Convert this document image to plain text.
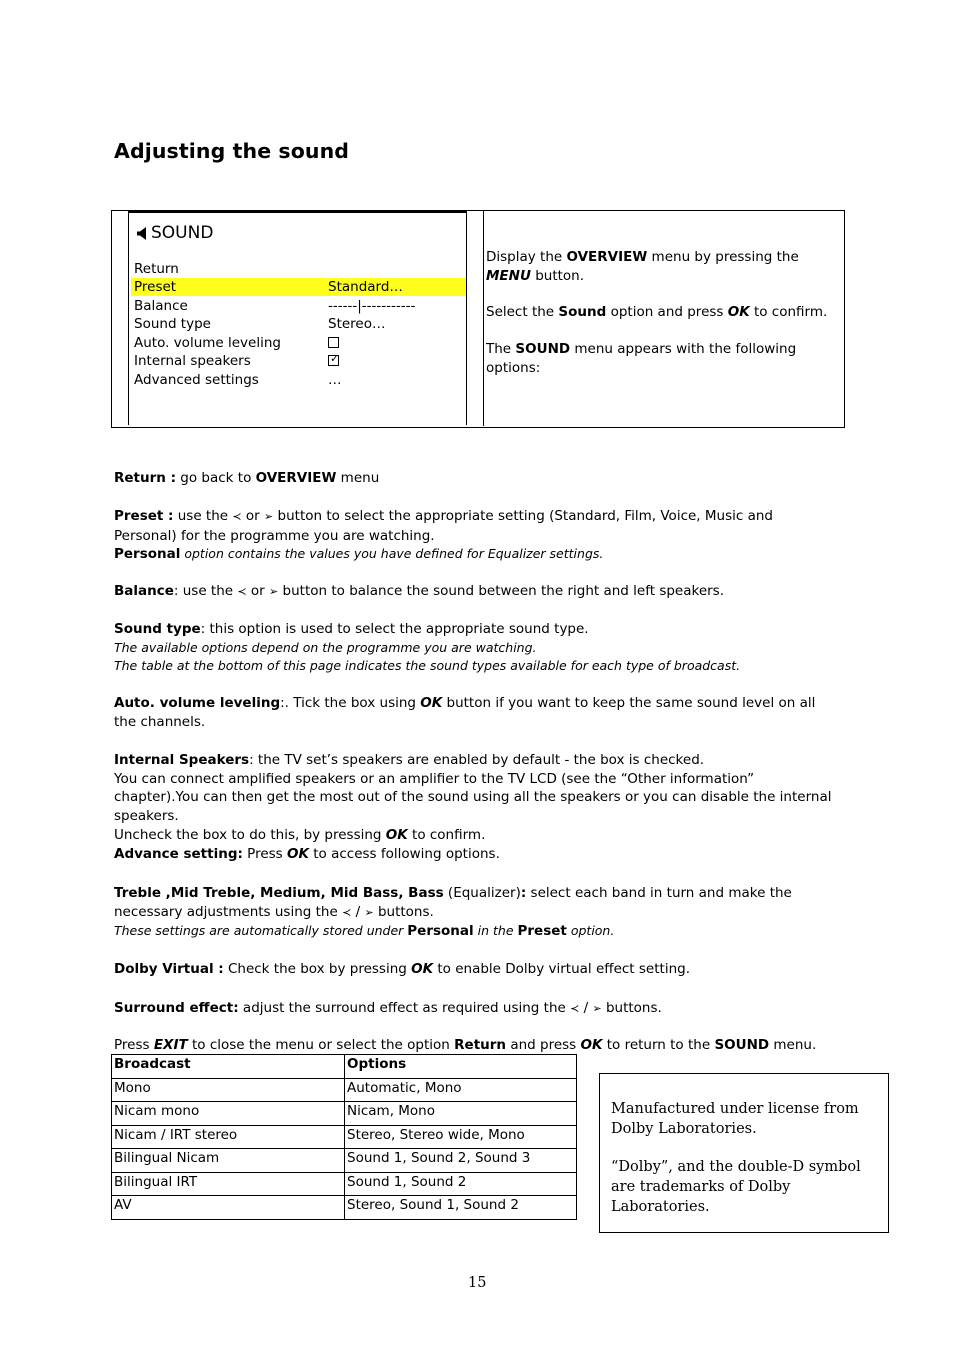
Adjusting the sound
SOUND
Return
Preset	Standard…
Balance	------|-----------
Sound type	Stereo…
Auto. volume leveling
Internal speakers	✓
Advanced settings	…
Display the OVERVIEW menu by pressing the MENU button.
Select the Sound option and press OK to confirm.
The SOUND menu appears with the following options:
Return : go back to OVERVIEW menu
Preset : use the ≺ or ➢ button to select the appropriate setting (Standard, Film, Voice, Music and Personal) for the programme you are watching.
Personal option contains the values you have defined for Equalizer settings.
Balance: use the ≺ or ➢ button to balance the sound between the right and left speakers.
Sound type: this option is used to select the appropriate sound type.
The available options depend on the programme you are watching.
The table at the bottom of this page indicates the sound types available for each type of broadcast.
Auto. volume leveling:. Tick the box using OK button if you want to keep the same sound level on all the channels.
Internal Speakers: the TV set’s speakers are enabled by default - the box is checked.
You can connect amplified speakers or an amplifier to the TV LCD (see the “Other information” chapter).You can then get the most out of the sound using all the speakers or you can disable the internal speakers.
Uncheck the box to do this, by pressing OK to confirm.
Advance setting: Press OK to access following options.
Treble ,Mid Treble, Medium, Mid Bass, Bass (Equalizer): select each band in turn and make the necessary adjustments using the ≺ / ➢ buttons.
These settings are automatically stored under Personal in the Preset option.
Dolby Virtual : Check the box by pressing OK to enable Dolby virtual effect setting.
Surround effect: adjust the surround effect as required using the ≺ / ➢ buttons.
Press EXIT to close the menu or select the option Return and press OK to return to the SOUND menu.
Broadcast	Options
Mono	Automatic, Mono
Nicam mono	Nicam, Mono
Nicam / IRT stereo	Stereo, Stereo wide, Mono
Bilingual Nicam	Sound 1, Sound 2, Sound 3
Bilingual IRT	Sound 1, Sound 2
AV	Stereo, Sound 1, Sound 2
Manufactured under license from Dolby Laboratories.
“Dolby”, and the double-D symbol are trademarks of Dolby Laboratories.
15
